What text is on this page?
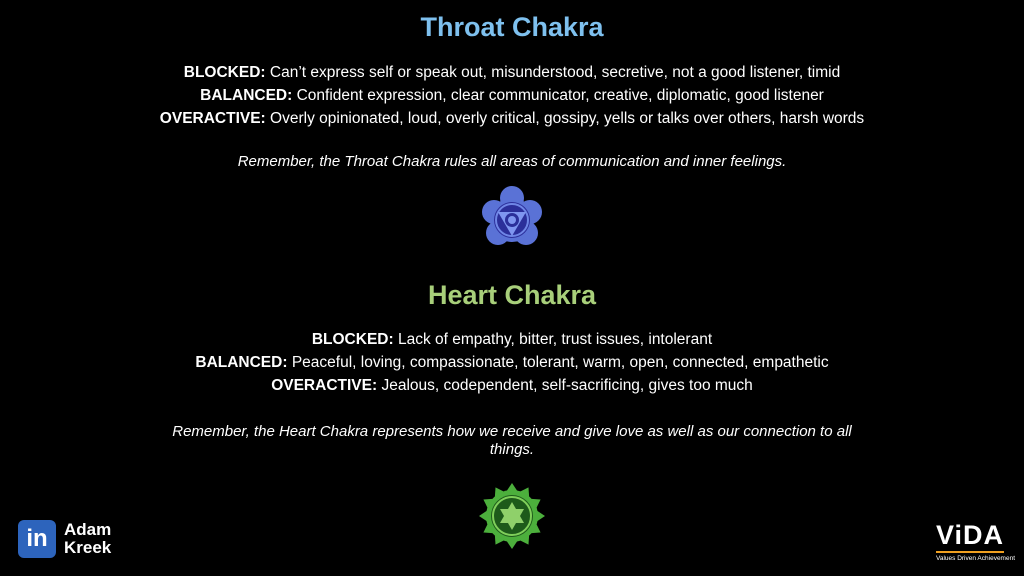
Throat Chakra
BLOCKED: Can’t express self or speak out, misunderstood, secretive, not a good listener, timid
BALANCED: Confident expression, clear communicator, creative, diplomatic, good listener
OVERACTIVE: Overly opinionated, loud, overly critical, gossipy, yells or talks over others, harsh words
Remember, the Throat Chakra rules all areas of communication and inner feelings.
Heart Chakra
BLOCKED: Lack of empathy, bitter, trust issues, intolerant
BALANCED: Peaceful, loving, compassionate, tolerant, warm, open, connected, empathetic
OVERACTIVE: Jealous, codependent, self-sacrificing, gives too much
Remember, the Heart Chakra represents how we receive and give love as well as our connection to all things.
in Adam
Kreek	ViDA
Values Driven Achievement
